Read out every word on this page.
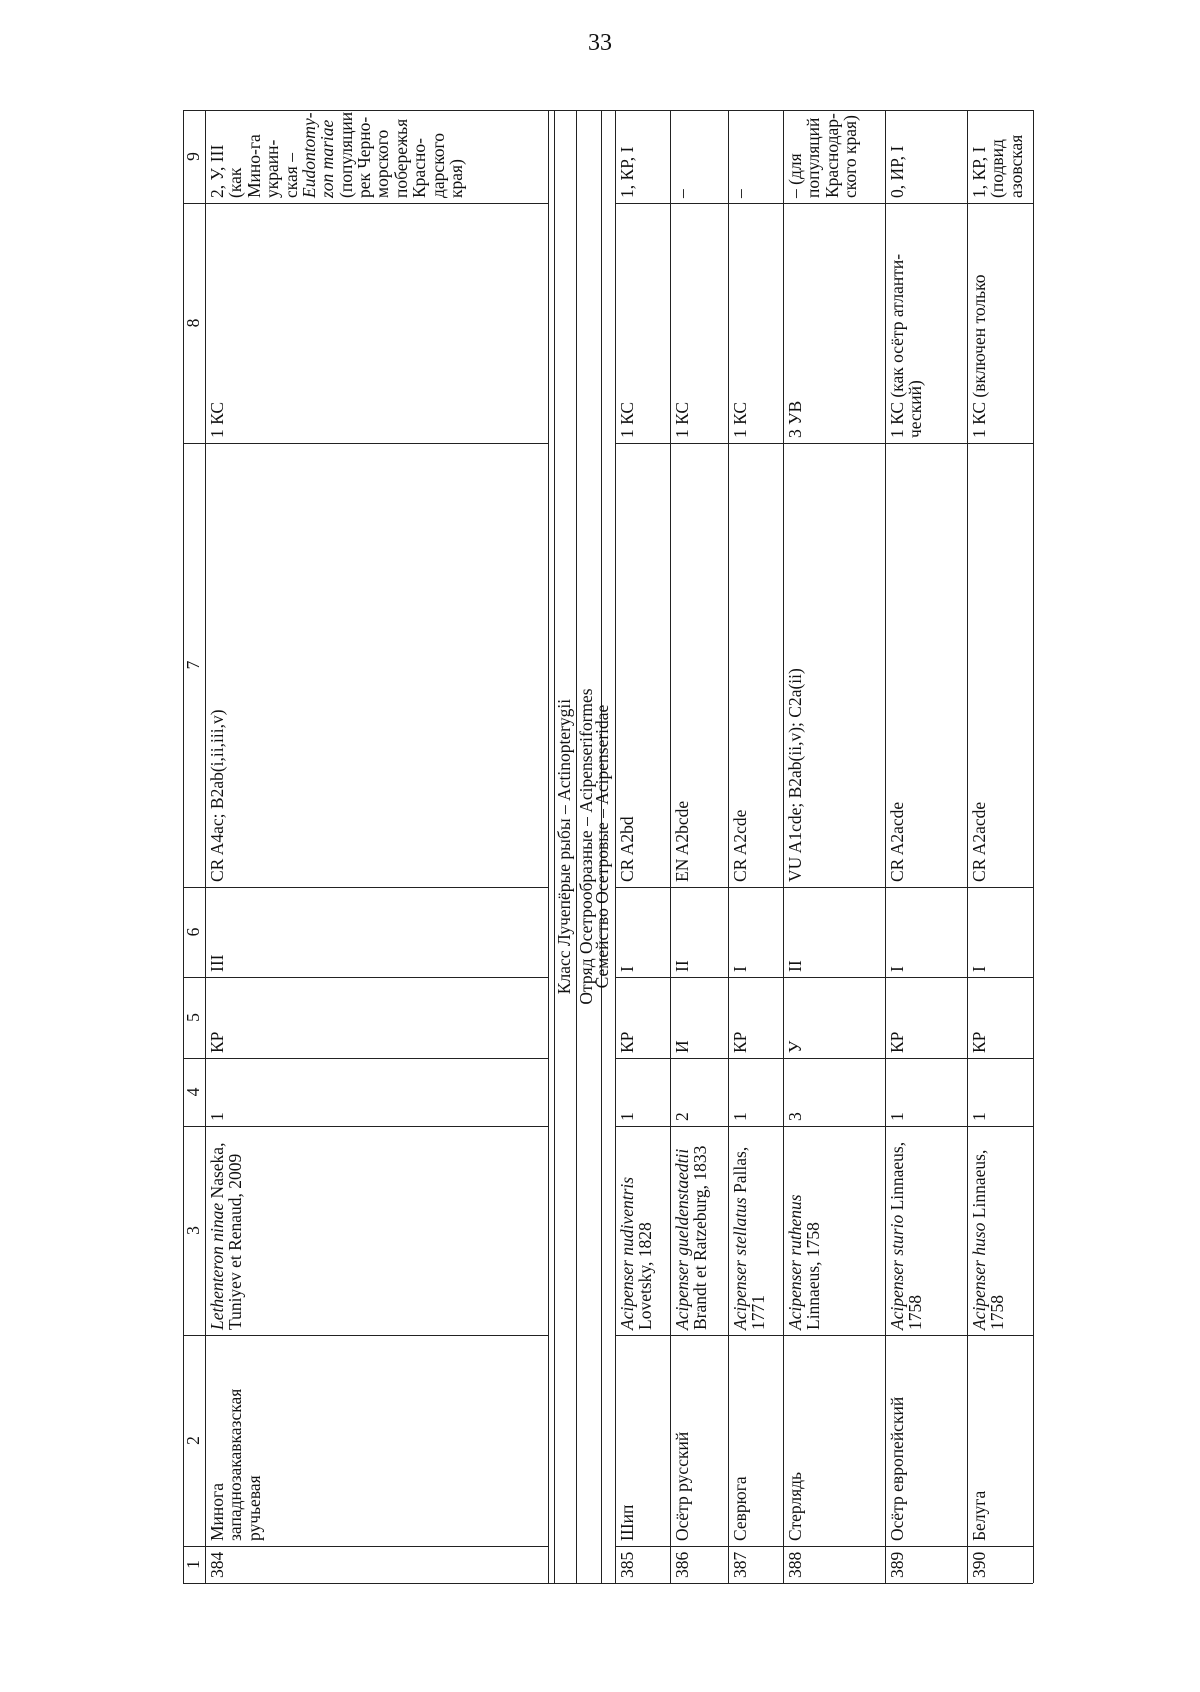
33
1
2
3
4
5
6
7
8
9
384
Минога западнозакавказская ручьевая
Lethenteron ninae Naseka, Tuniyev et Renaud, 2009
1
КР
III
CR A4ac; B2ab(i,ii,iii,v)
1 КС
2, У, III (как Мино-га украин-ская – Eudontomy-zon mariae (популяции рек Черно-морского побережья Красно-дарского края)
Класс Лучепёрые рыбы – Actinopterygii Отряд Осетрообразные – Acipenseriformes
Семейство Осетровые – Acipenseridae
385
Шип
Acipenser nudiventris Lovetsky, 1828
1
КР
I
CR A2bd
1 КС
1, КР, I
386
Осётр русский
Acipenser gueldenstaedtii Brandt et Ratzeburg, 1833
2
И
II
EN A2bcde
1 КС
–
387
Севрюга
Acipenser stellatus Pallas, 1771
1
КР
I
CR A2cde
1 КС
–
388
Стерлядь
Acipenser ruthenus Linnaeus, 1758
3
У
II
VU A1cde; B2ab(ii,v); C2a(ii)
3 УВ
– (для популяций Краснодар-ского края)
389
Осётр европейский
Acipenser sturio Linnaeus, 1758
1
КР
I
CR A2acde
1 КС (как осётр атланти-ческий)
0, ИР, I
390
Белуга
Acipenser huso Linnaeus, 1758
1
КР
I
CR A2acde
1 КС (включен только
1, КР, I (подвид азовская
